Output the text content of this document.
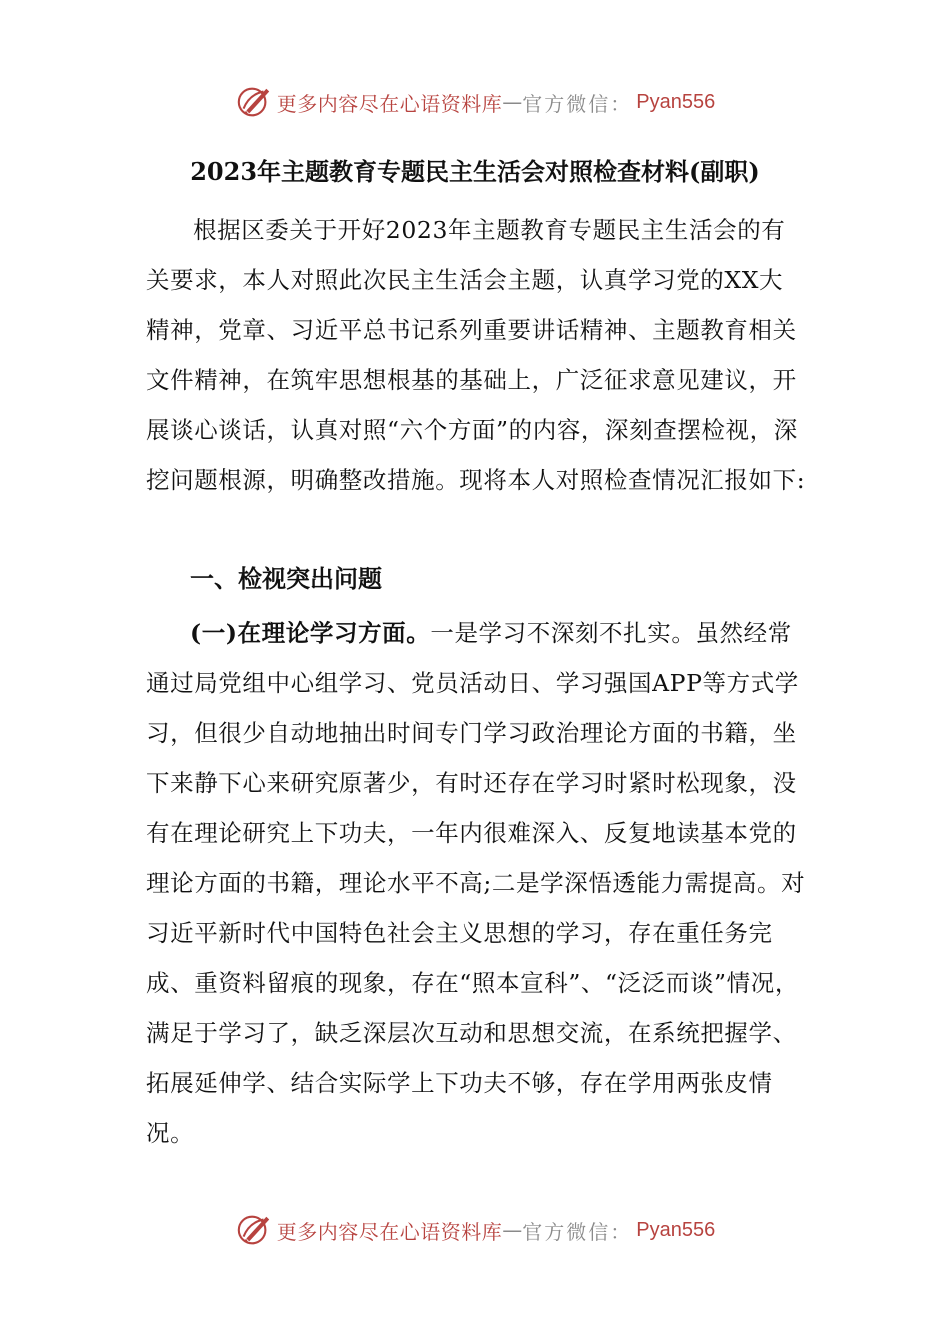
更多内容尽在心语资料库 — 官方微信： Pyan556
2023年主题教育专题民主生活会对照检查材料(副职)

根据区委关于开好2023年主题教育专题民主生活会的有关要求，本人对照此次民主生活会主题，认真学习党的XX大精神，党章、习近平总书记系列重要讲话精神、主题教育相关文件精神，在筑牢思想根基的基础上，广泛征求意见建议，开展谈心谈话，认真对照“六个方面”的内容，深刻查摆检视，深挖问题根源，明确整改措施。现将本人对照检查情况汇报如下:

一、检视突出问题

(一)在理论学习方面。一是学习不深刻不扎实。虽然经常通过局党组中心组学习、党员活动日、学习强国APP等方式学习，但很少自动地抽出时间专门学习政治理论方面的书籍，坐下来静下心来研究原著少，有时还存在学习时紧时松现象，没有在理论研究上下功夫，一年内很难深入、反复地读基本党的理论方面的书籍，理论水平不高;二是学深悟透能力需提高。对习近平新时代中国特色社会主义思想的学习，存在重任务完成、重资料留痕的现象，存在“照本宣科”、“泛泛而谈”情况，满足于学习了，缺乏深层次互动和思想交流，在系统把握学、拓展延伸学、结合实际学上下功夫不够，存在学用两张皮情况。

更多内容尽在心语资料库 — 官方微信： Pyan556
